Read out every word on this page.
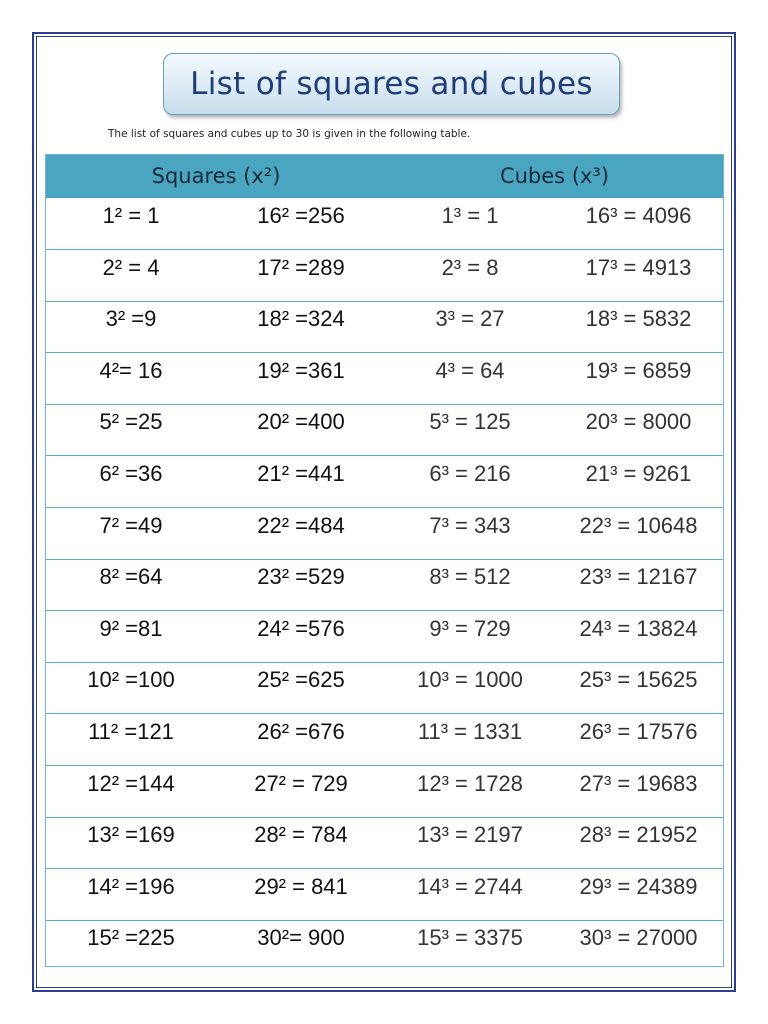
List of squares and cubes
The list of squares and cubes up to 30 is given in the following table.
Squares (x²)	Cubes (x³)
1² = 1	16² =256	1³ = 1	16³ = 4096
2² = 4	17² =289	2³ = 8	17³ = 4913
3² =9	18² =324	3³ = 27	18³ = 5832
4²= 16	19² =361	4³ = 64	19³ = 6859
5² =25	20² =400	5³ = 125	20³ = 8000
6² =36	21² =441	6³ = 216	21³ = 9261
7² =49	22² =484	7³ = 343	22³ = 10648
8² =64	23² =529	8³ = 512	23³ = 12167
9² =81	24² =576	9³ = 729	24³ = 13824
10² =100	25² =625	10³ = 1000	25³ = 15625
11² =121	26² =676	11³ = 1331	26³ = 17576
12² =144	27² = 729	12³ = 1728	27³ = 19683
13² =169	28² = 784	13³ = 2197	28³ = 21952
14² =196	29² = 841	14³ = 2744	29³ = 24389
15² =225	30²= 900	15³ = 3375	30³ = 27000
